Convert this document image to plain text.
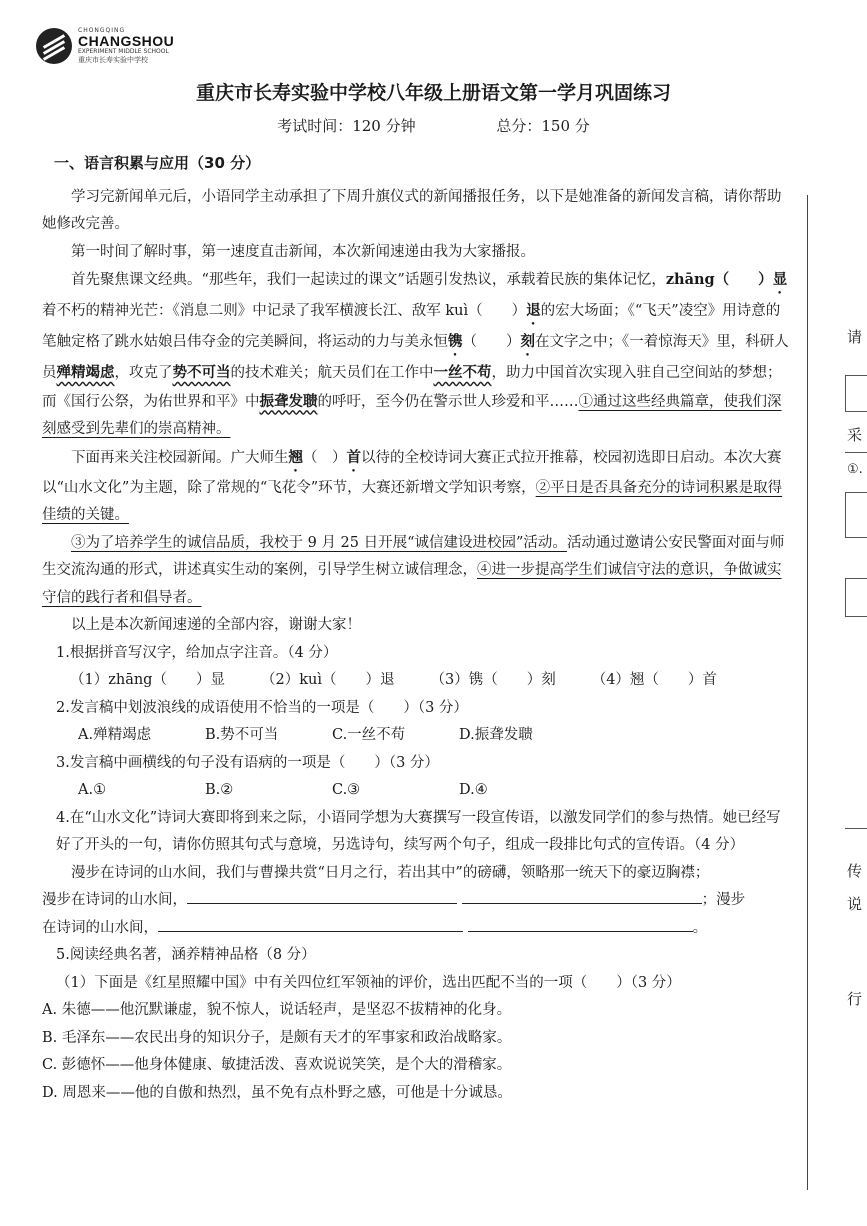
CHONGQING
CHANGSHOU
EXPERIMENT MIDDLE SCHOOL
重庆市长寿实验中学校
重庆市长寿实验中学校八年级上册语文第一学月巩固练习
考试时间：120 分钟	总分：150 分

一、语言积累与应用（30 分）

学习完新闻单元后，小语同学主动承担了下周升旗仪式的新闻播报任务，以下是她准备的新闻发言稿，请你帮助她修改完善。

第一时间了解时事，第一速度直击新闻，本次新闻速递由我为大家播报。

首先聚焦课文经典。“那些年，我们一起读过的课文”话题引发热议，承载着民族的集体记忆，zhāng（　　）显着不朽的精神光芒：《消息二则》中记录了我军横渡长江、敌军 kuì（　　）退的宏大场面；《“飞天”凌空》用诗意的笔触定格了跳水姑娘吕伟夺金的完美瞬间，将运动的力与美永恒镌（　　）刻在文字之中；《一着惊海天》里，科研人员殚精竭虑，攻克了势不可当的技术难关；航天员们在工作中一丝不苟，助力中国首次实现入驻自己空间站的梦想；而《国行公祭，为佑世界和平》中振聋发聩的呼吁，至今仍在警示世人珍爱和平……①通过这些经典篇章，使我们深刻感受到先辈们的崇高精神。

下面再来关注校园新闻。广大师生翘（　）首以待的全校诗词大赛正式拉开推幕，校园初选即日启动。本次大赛以“山水文化”为主题，除了常规的“飞花令”环节，大赛还新增文学知识考察，②平日是否具备充分的诗词积累是取得佳绩的关键。

③为了培养学生的诚信品质，我校于 9 月 25 日开展“诚信建设进校园”活动。活动通过邀请公安民警面对面与师生交流沟通的形式，讲述真实生动的案例，引导学生树立诚信理念，④进一步提高学生们诚信守法的意识，争做诚实守信的践行者和倡导者。

以上是本次新闻速递的全部内容，谢谢大家！

1.根据拼音写汉字，给加点字注音。（4 分）

（1）zhāng（　　）显 （2）kuì（　　）退 （3）镌（　　）刻 （4）翘（　　）首

2.发言稿中划波浪线的成语使用不恰当的一项是（　　）（3 分）

A.殚精竭虑	B.势不可当	C.一丝不苟	D.振聋发聩

3.发言稿中画横线的句子没有语病的一项是（　　）（3 分）

A.①	B.②	C.③	D.④

4.在“山水文化”诗词大赛即将到来之际，小语同学想为大赛撰写一段宣传语，以激发同学们的参与热情。她已经写好了开头的一句，请你仿照其句式与意境，另选诗句，续写两个句子，组成一段排比句式的宣传语。（4 分）

漫步在诗词的山水间，我们与曹操共赏“日月之行，若出其中”的磅礴，领略那一统天下的豪迈胸襟；

漫步在诗词的山水间，	；漫步

在诗词的山水间，	。

5.阅读经典名著，涵养精神品格（8 分）

（1）下面是《红星照耀中国》中有关四位红军领袖的评价，选出匹配不当的一项（　　）（3 分）

A. 朱德——他沉默谦虚，貌不惊人，说话轻声，是坚忍不拔精神的化身。

B. 毛泽东——农民出身的知识分子，是颇有天才的军事家和政治战略家。

C. 彭德怀——他身体健康、敏捷活泼、喜欢说说笑笑，是个大的滑稽家。

D. 周恩来——他的自傲和热烈，虽不免有点朴野之感，可他是十分诚恳。

请
采
①.
传
说
行
